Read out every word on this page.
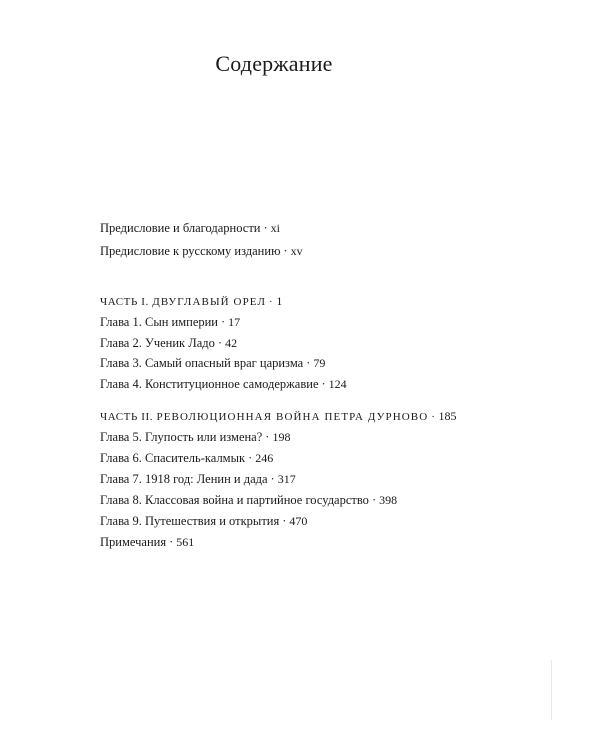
Содержание
Предисловие и благодарности · xi
Предисловие к русскому изданию · xv
ЧАСТЬ I. ДВУГЛАВЫЙ ОРЕЛ · 1
Глава 1. Сын империи · 17
Глава 2. Ученик Ладо · 42
Глава 3. Самый опасный враг царизма · 79
Глава 4. Конституционное самодержавие · 124
ЧАСТЬ II. РЕВОЛЮЦИОННАЯ ВОЙНА ПЕТРА ДУРНОВО · 185
Глава 5. Глупость или измена? · 198
Глава 6. Спаситель-калмык · 246
Глава 7. 1918 год: Ленин и дада · 317
Глава 8. Классовая война и партийное государство · 398
Глава 9. Путешествия и открытия · 470
Примечания · 561
